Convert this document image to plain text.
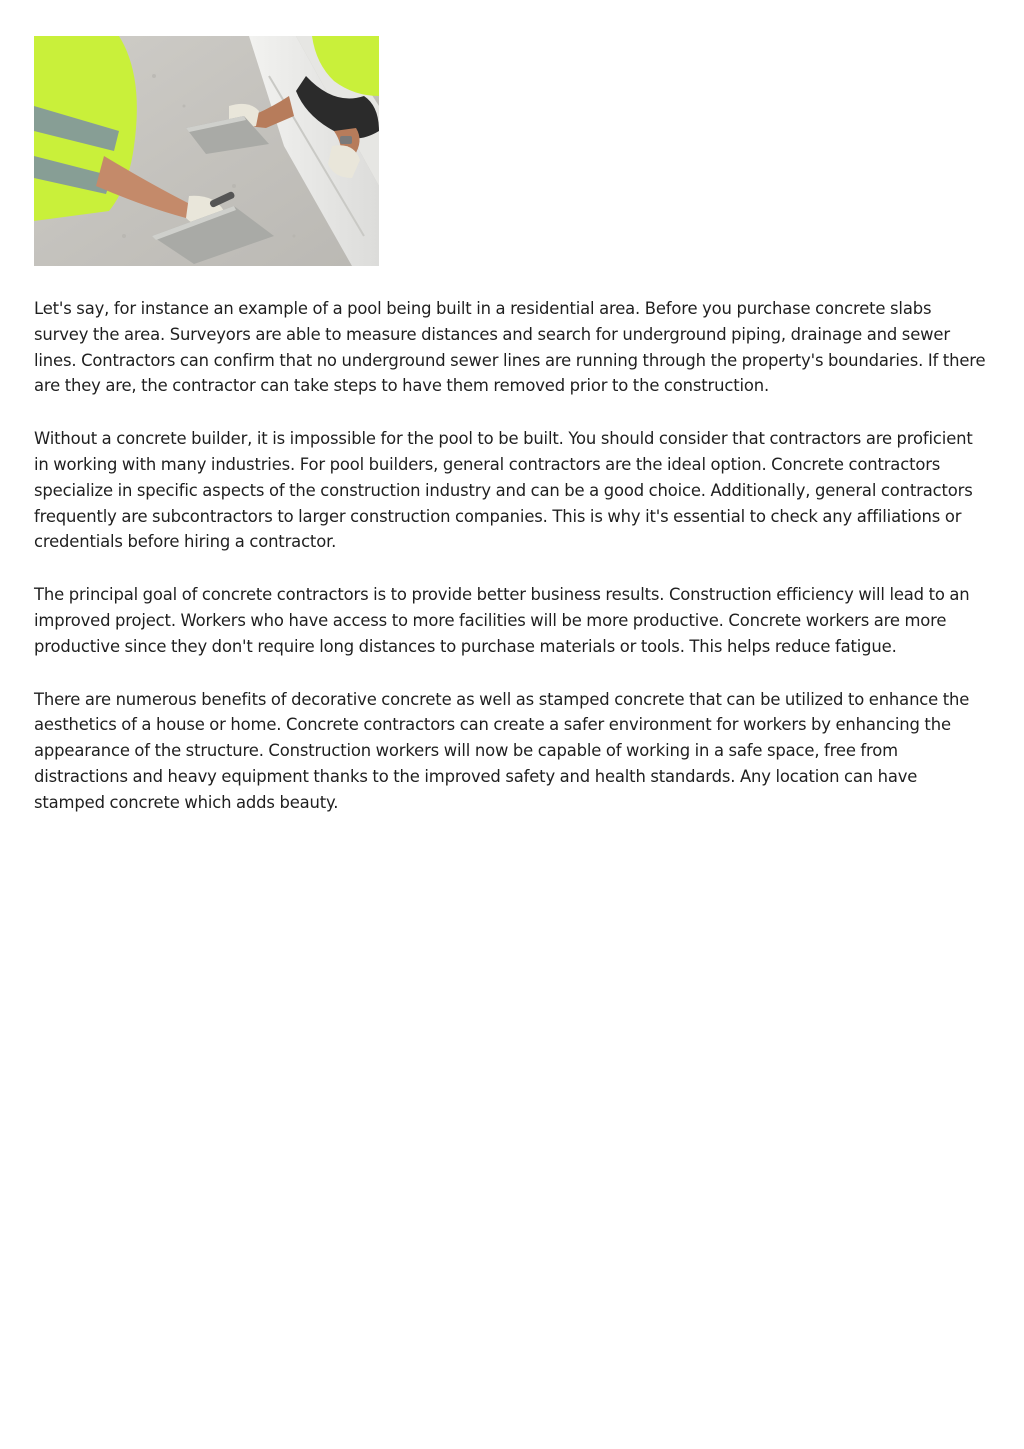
Let's say, for instance an example of a pool being built in a residential area. Before you purchase concrete slabs survey the area. Surveyors are able to measure distances and search for underground piping, drainage and sewer lines. Contractors can confirm that no underground sewer lines are running through the property's boundaries. If there are they are, the contractor can take steps to have them removed prior to the construction.

Without a concrete builder, it is impossible for the pool to be built. You should consider that contractors are proficient in working with many industries. For pool builders, general contractors are the ideal option. Concrete contractors specialize in specific aspects of the construction industry and can be a good choice. Additionally, general contractors frequently are subcontractors to larger construction companies. This is why it's essential to check any affiliations or credentials before hiring a contractor.

The principal goal of concrete contractors is to provide better business results. Construction efficiency will lead to an improved project. Workers who have access to more facilities will be more productive. Concrete workers are more productive since they don't require long distances to purchase materials or tools. This helps reduce fatigue.

There are numerous benefits of decorative concrete as well as stamped concrete that can be utilized to enhance the aesthetics of a house or home. Concrete contractors can create a safer environment for workers by enhancing the appearance of the structure. Construction workers will now be capable of working in a safe space, free from distractions and heavy equipment thanks to the improved safety and health standards. Any location can have stamped concrete which adds beauty.
